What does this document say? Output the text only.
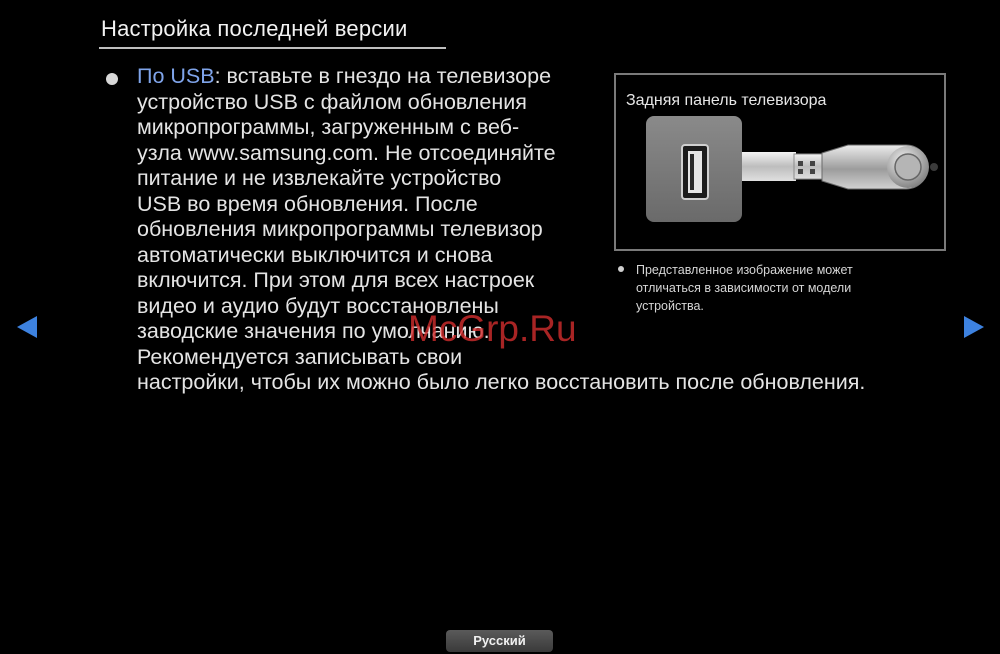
Настройка последней версии
По USB: вставьте в гнездо на телевизоре
устройство USB с файлом обновления
микропрограммы, загруженным с веб-
узла www.samsung.com. Не отсоединяйте
питание и не извлекайте устройство
USB во время обновления. После
обновления микропрограммы телевизор
автоматически выключится и снова
включится. При этом для всех настроек
видео и аудио будут восстановлены
заводские значения по умолчанию.
Рекомендуется записывать свои
настройки, чтобы их можно было легко восстановить после обновления.
Задняя панель телевизора
Представленное изображение может
отличаться в зависимости от модели
устройства.
McGrp.Ru
Русский
